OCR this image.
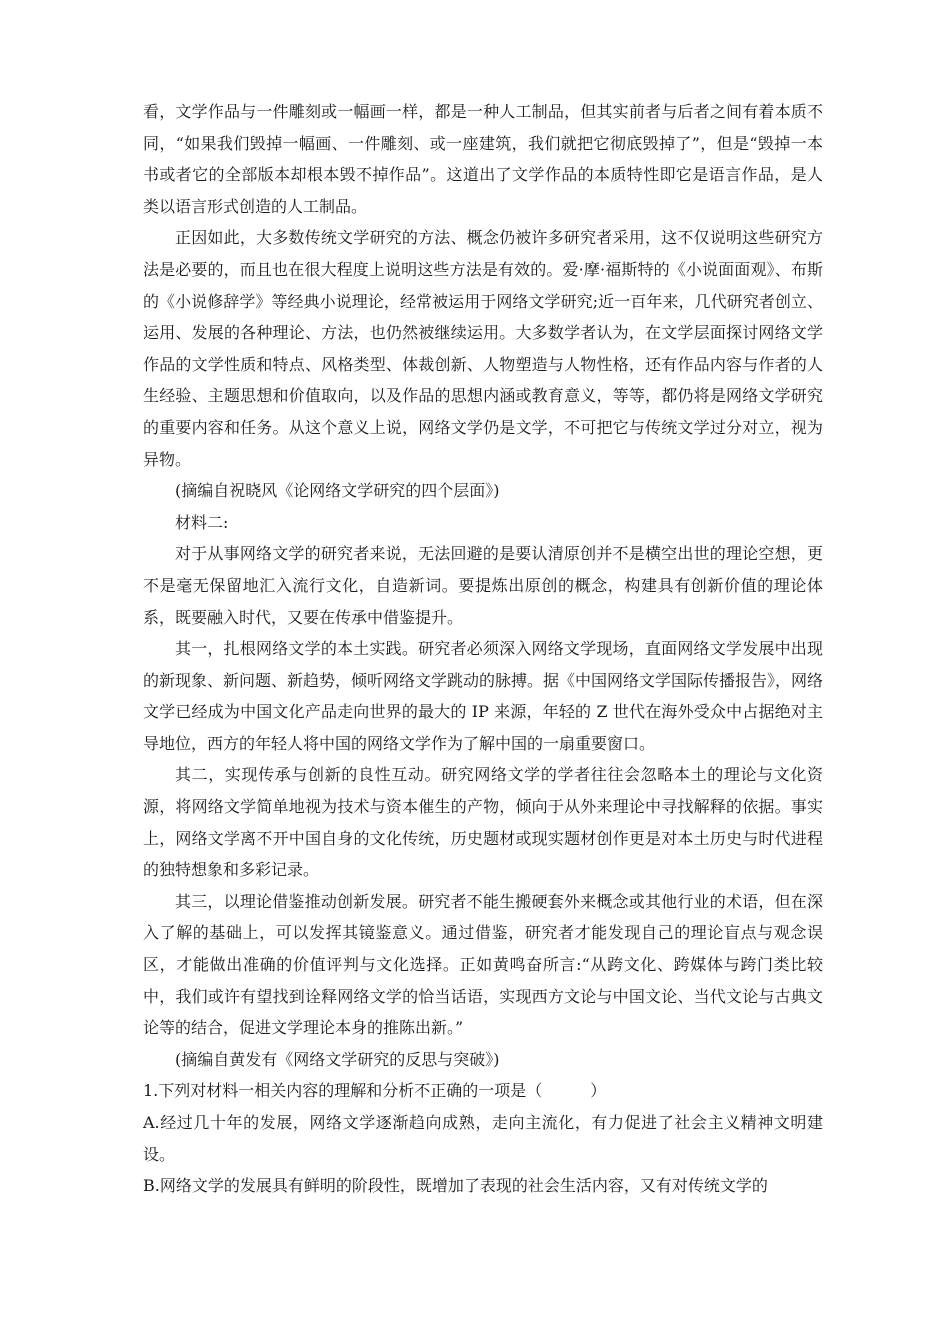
看，文学作品与一件雕刻或一幅画一样，都是一种人工制品，但其实前者与后者之间有着本质不同，“如果我们毁掉一幅画、一件雕刻、或一座建筑，我们就把它彻底毁掉了”，但是“毁掉一本书或者它的全部版本却根本毁不掉作品”。这道出了文学作品的本质特性即它是语言作品，是人类以语言形式创造的人工制品。

正因如此，大多数传统文学研究的方法、概念仍被许多研究者采用，这不仅说明这些研究方法是必要的，而且也在很大程度上说明这些方法是有效的。爱·摩·福斯特的《小说面面观》、布斯的《小说修辞学》等经典小说理论，经常被运用于网络文学研究;近一百年来，几代研究者创立、运用、发展的各种理论、方法，也仍然被继续运用。大多数学者认为，在文学层面探讨网络文学作品的文学性质和特点、风格类型、体裁创新、人物塑造与人物性格，还有作品内容与作者的人生经验、主题思想和价值取向，以及作品的思想内涵或教育意义，等等，都仍将是网络文学研究的重要内容和任务。从这个意义上说，网络文学仍是文学，不可把它与传统文学过分对立，视为异物。

(摘编自祝晓风《论网络文学研究的四个层面》)

材料二:

对于从事网络文学的研究者来说，无法回避的是要认清原创并不是横空出世的理论空想，更不是毫无保留地汇入流行文化，自造新词。要提炼出原创的概念，构建具有创新价值的理论体系，既要融入时代，又要在传承中借鉴提升。

其一，扎根网络文学的本土实践。研究者必须深入网络文学现场，直面网络文学发展中出现的新现象、新问题、新趋势，倾听网络文学跳动的脉搏。据《中国网络文学国际传播报告》，网络文学已经成为中国文化产品走向世界的最大的 IP 来源，年轻的 Z 世代在海外受众中占据绝对主导地位，西方的年轻人将中国的网络文学作为了解中国的一扇重要窗口。

其二，实现传承与创新的良性互动。研究网络文学的学者往往会忽略本土的理论与文化资源，将网络文学简单地视为技术与资本催生的产物，倾向于从外来理论中寻找解释的依据。事实上，网络文学离不开中国自身的文化传统，历史题材或现实题材创作更是对本土历史与时代进程的独特想象和多彩记录。

其三，以理论借鉴推动创新发展。研究者不能生搬硬套外来概念或其他行业的术语，但在深入了解的基础上，可以发挥其镜鉴意义。通过借鉴，研究者才能发现自己的理论盲点与观念误区，才能做出准确的价值评判与文化选择。正如黄鸣奋所言:“从跨文化、跨媒体与跨门类比较中，我们或许有望找到诠释网络文学的恰当话语，实现西方文论与中国文论、当代文论与古典文论等的结合，促进文学理论本身的推陈出新。”

(摘编自黄发有《网络文学研究的反思与突破》)

1.下列对材料一相关内容的理解和分析不正确的一项是（　　　）

A.经过几十年的发展，网络文学逐渐趋向成熟，走向主流化，有力促进了社会主义精神文明建设。

B.网络文学的发展具有鲜明的阶段性，既增加了表现的社会生活内容，又有对传统文学的
